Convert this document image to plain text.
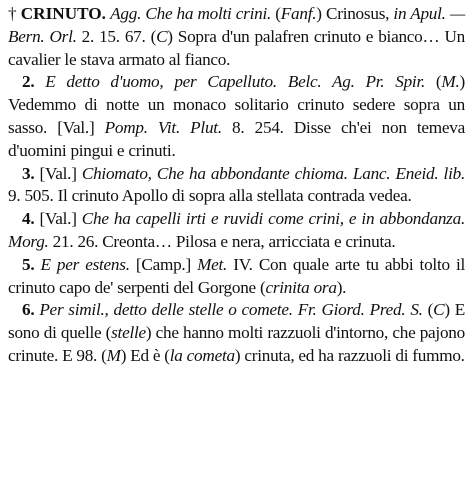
† CRINUTO. Agg. Che ha molti crini. (Fanf.) Crinosus, in Apul. — Bern. Orl. 2. 15. 67. (C) Sopra d'un palafren crinuto e bianco… Un cavalier le stava armato al fianco.

2. E detto d'uomo, per Capelluto. Belc. Ag. Pr. Spir. (M.) Vedemmo di notte un monaco solitario crinuto sedere sopra un sasso. [Val.] Pomp. Vit. Plut. 8. 254. Disse ch'ei non temeva d'uomini pingui e crinuti.

3. [Val.] Chiomato, Che ha abbondante chioma. Lanc. Eneid. lib. 9. 505. Il crinuto Apollo di sopra alla stellata contrada vedea.

4. [Val.] Che ha capelli irti e ruvidi come crini, e in abbondanza. Morg. 21. 26. Creonta… Pilosa e nera, arricciata e crinuta.

5. E per estens. [Camp.] Met. IV. Con quale arte tu abbi tolto il crinuto capo de' serpenti del Gorgone (crinita ora).

6. Per simil., detto delle stelle o comete. Fr. Giord. Pred. S. (C) E sono di quelle (stelle) che hanno molti razzuoli d'intorno, che pajono crinute. E 98. (M) Ed è (la cometa) crinuta, ed ha razzuoli di fummo.
